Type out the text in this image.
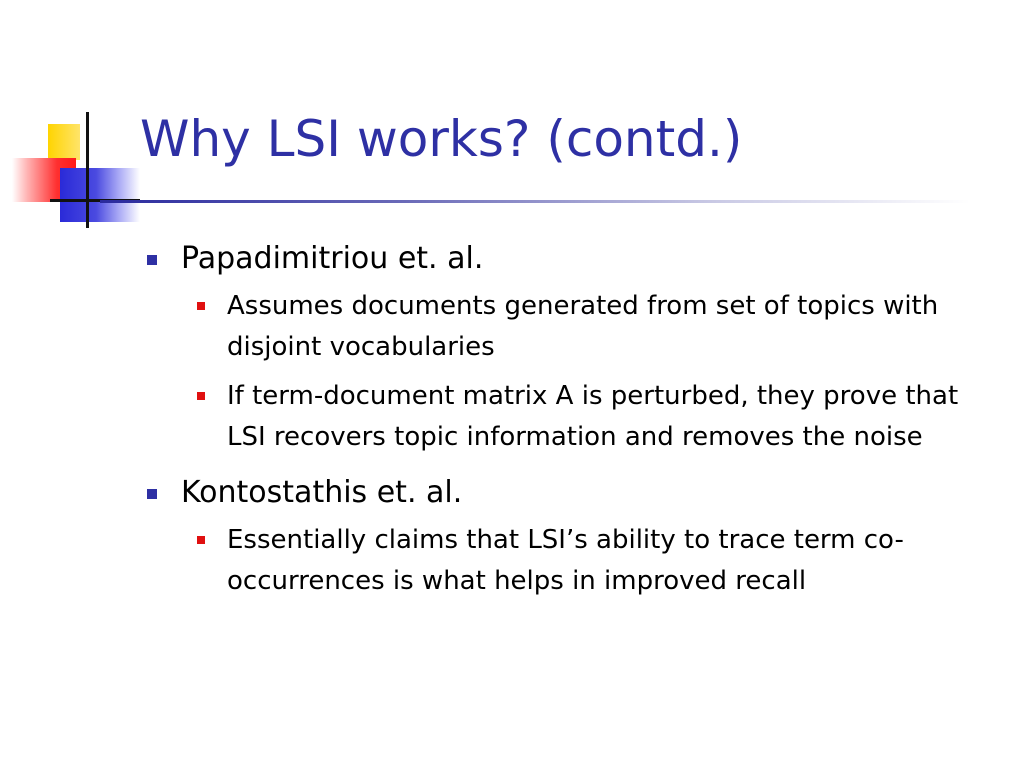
Why LSI works? (contd.)
Papadimitriou et. al.
Assumes documents generated from set of topics with disjoint vocabularies
If term-document matrix A is perturbed, they prove that LSI recovers topic information and removes the noise
Kontostathis et. al.
Essentially claims that LSI’s ability to trace term co-occurrences is what helps in improved recall
